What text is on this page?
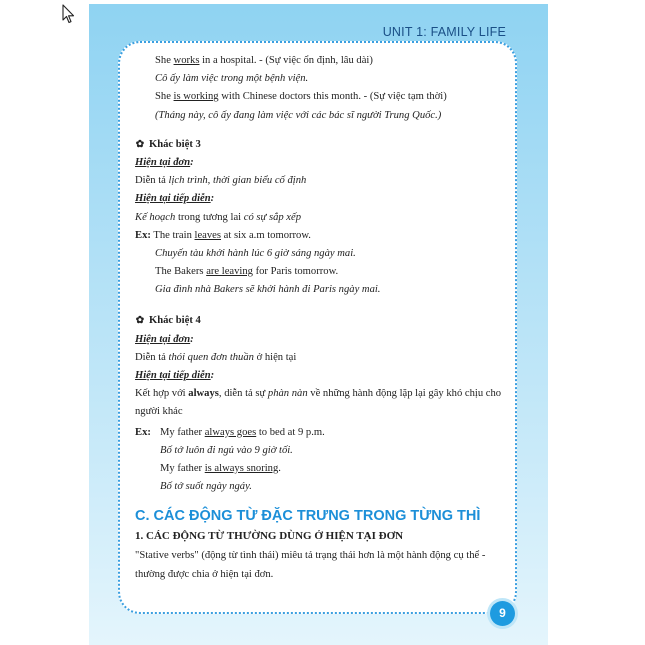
UNIT 1: FAMILY LIFE
She works in a hospital. - (Sự việc ổn định, lâu dài)
Cô ấy làm việc trong một bệnh viện.
She is working with Chinese doctors this month. - (Sự việc tạm thời)
(Tháng này, cô ấy đang làm việc với các bác sĩ người Trung Quốc.)
✿ Khác biệt 3
Hiện tại đơn:
Diễn tả lịch trình, thời gian biểu cố định
Hiện tại tiếp diễn:
Kế hoạch trong tương lai có sự sắp xếp
Ex: The train leaves at six a.m tomorrow.
Chuyến tàu khởi hành lúc 6 giờ sáng ngày mai.
The Bakers are leaving for Paris tomorrow.
Gia đình nhà Bakers sẽ khởi hành đi Paris ngày mai.
✿ Khác biệt 4
Hiện tại đơn:
Diễn tả thói quen đơn thuần ở hiện tại
Hiện tại tiếp diễn:
Kết hợp với always, diễn tả sự phàn nàn về những hành động lặp lại gây khó chịu cho người khác
Ex: My father always goes to bed at 9 p.m.
Bố tớ luôn đi ngủ vào 9 giờ tối.
My father is always snoring.
Bố tớ suốt ngày ngáy.
C. CÁC ĐỘNG TỪ ĐẶC TRƯNG TRONG TỪNG THÌ
1. CÁC ĐỘNG TỪ THƯỜNG DÙNG Ở HIỆN TẠI ĐƠN
"Stative verbs" (động từ tình thái) miêu tả trạng thái hơn là một hành động cụ thể - thường được chia ở hiện tại đơn.
9
